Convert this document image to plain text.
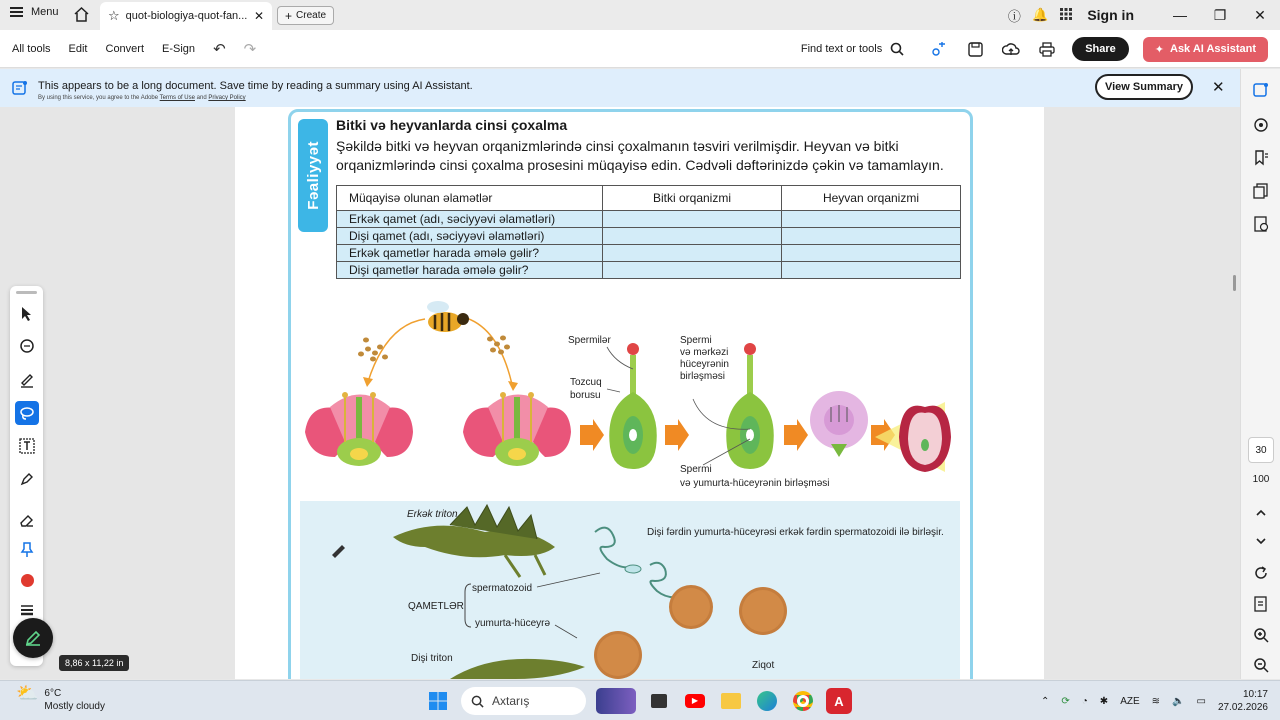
Menu	☆ quot-biologiya-quot-fan... ✕ + Create	ⓘ 🔔	Sign in	—	❐	✕
All tools Edit Convert E-Sign ↶ ↷	Find text or tools	Share	✦ Ask AI Assistant
This appears to be a long document. Save time by reading a summary using AI Assistant.
By using this service, you agree to the Adobe Terms of Use and Privacy Policy
View Summary	✕
Fəaliyyət
Bitki və heyvanlarda cinsi çoxalma
Şəkildə bitki və heyvan orqanizmlərində cinsi çoxalmanın təsviri verilmişdir. Heyvan və bitki orqanizmlərində cinsi çoxalma prosesini müqayisə edin. Cədvəli dəftərinizdə çəkin və tamamlayın.
Müqayisə olunan əlamətlər	Bitki orqanizmi	Heyvan orqanizmi
Erkək qamet (adı, səciyyəvi əlamətləri)		
Dişi qamet (adı, səciyyəvi əlamətləri)		
Erkək qametlər harada əmələ gəlir?		
Dişi qametlər harada əmələ gəlir?		
Spermilər
Tozcuq
borusu
Spermi
və mərkəzi
hüceyrənin
birləşməsi
Spermi
və yumurta-hüceyrənin birləşməsi
Erkək triton
Dişi fərdin yumurta-hüceyrəsi erkək fərdin spermatozoidi ilə birləşir.
QAMETLƏR
spermatozoid
yumurta-hüceyrə
Dişi triton
Ziqot
8,86 x 11,22 in
30
100
⛅ 6°C
Mostly cloudy	Axtarış	▶	A	⌃ ⟳ ◔ ✱ AZE ≋ 🔈 ▭
10:17
27.02.2026
